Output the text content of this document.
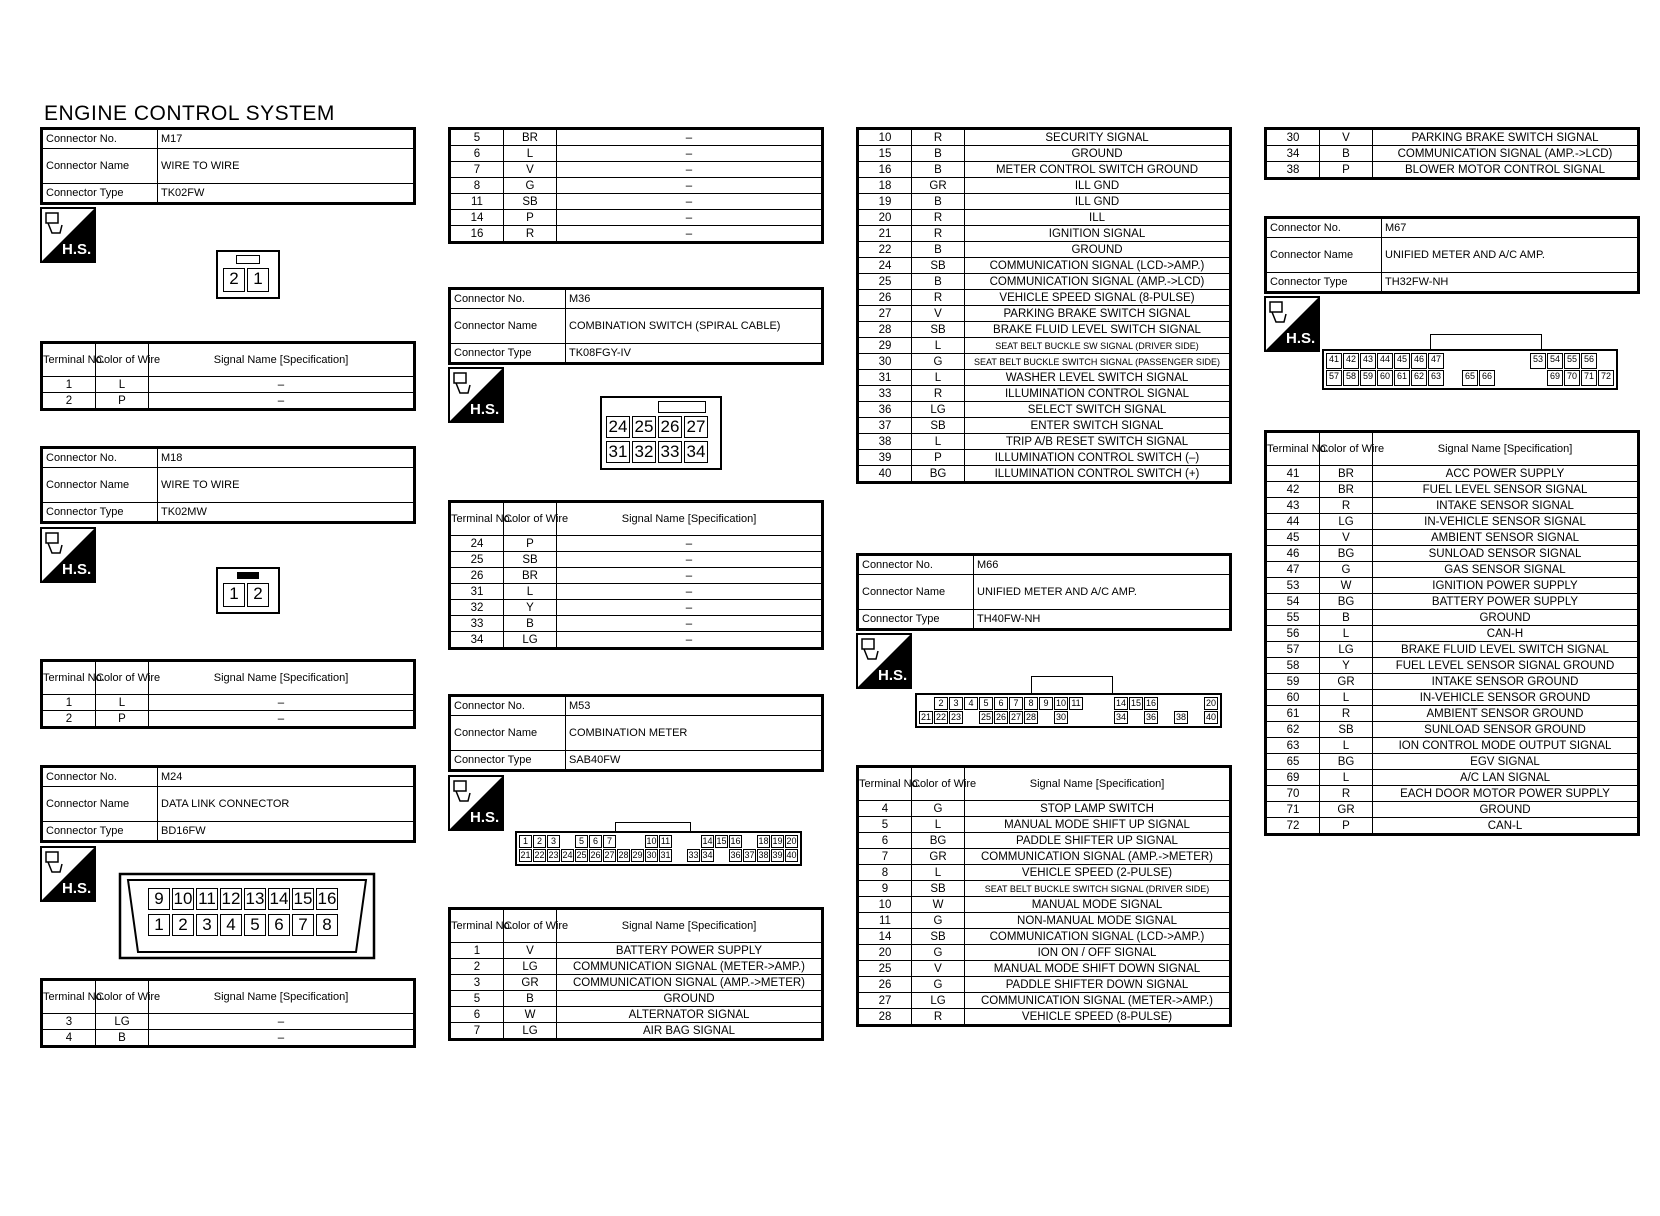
ENGINE CONTROL SYSTEM
Connector No.	M17
Connector Name	WIRE TO WIRE
Connector Type	TK02FW
H.S.
2 1
Terminal No.	Color of Wire	Signal Name [Specification]
1	L	–
2	P	–
Connector No.	M18
Connector Name	WIRE TO WIRE
Connector Type	TK02MW
H.S.
1 2
Terminal No.	Color of Wire	Signal Name [Specification]
1	L	–
2	P	–
Connector No.	M24
Connector Name	DATA LINK CONNECTOR
Connector Type	BD16FW
H.S.
9 10 11 12 13 14 15 16
1 2 3 4 5 6 7 8
Terminal No.	Color of Wire	Signal Name [Specification]
3	LG	–
4	B	–
5	BR	–
6	L	–
7	V	–
8	G	–
11	SB	–
14	P	–
16	R	–
Connector No.	M36
Connector Name	COMBINATION SWITCH (SPIRAL CABLE)
Connector Type	TK08FGY-IV
H.S.
24 25 26 27
31 32 33 34
Terminal No.	Color of Wire	Signal Name [Specification]
24	P	–
25	SB	–
26	BR	–
31	L	–
32	Y	–
33	B	–
34	LG	–
Connector No.	M53
Connector Name	COMBINATION METER
Connector Type	SAB40FW
H.S.
1 2 3	5 6 7	10 11	14 15 16 18 19 20
21 22 23 24 25 26 27 28 29 30 31 33 34 36 37 38 39 40
Terminal No.	Color of Wire	Signal Name [Specification]
1	V	BATTERY POWER SUPPLY
2	LG	COMMUNICATION SIGNAL (METER->AMP.)
3	GR	COMMUNICATION SIGNAL (AMP.->METER)
5	B	GROUND
6	W	ALTERNATOR SIGNAL
7	LG	AIR BAG SIGNAL
10	R	SECURITY SIGNAL
15	B	GROUND
16	B	METER CONTROL SWITCH GROUND
18	GR	ILL GND
19	B	ILL GND
20	R	ILL
21	R	IGNITION SIGNAL
22	B	GROUND
24	SB	COMMUNICATION SIGNAL (LCD->AMP.)
25	B	COMMUNICATION SIGNAL (AMP.->LCD)
26	R	VEHICLE SPEED SIGNAL (8-PULSE)
27	V	PARKING BRAKE SWITCH SIGNAL
28	SB	BRAKE FLUID LEVEL SWITCH SIGNAL
29	L	SEAT BELT BUCKLE SW SIGNAL (DRIVER SIDE)
30	G	SEAT BELT BUCKLE SWITCH SIGNAL (PASSENGER SIDE)
31	L	WASHER LEVEL SWITCH SIGNAL
33	R	ILLUMINATION CONTROL SIGNAL
36	LG	SELECT SWITCH SIGNAL
37	SB	ENTER SWITCH SIGNAL
38	L	TRIP A/B RESET SWITCH SIGNAL
39	P	ILLUMINATION CONTROL SWITCH (–)
40	BG	ILLUMINATION CONTROL SWITCH (+)
Connector No.	M66
Connector Name	UNIFIED METER AND A/C AMP.
Connector Type	TH40FW-NH
H.S.
2	3	4	5	6	7	8	9 10 11	14 15 16	20
21 22 23 25 26 27 28 30	34 36 38 40
Terminal No.	Color of Wire	Signal Name [Specification]
4	G	STOP LAMP SWITCH
5	L	MANUAL MODE SHIFT UP SIGNAL
6	BG	PADDLE SHIFTER UP SIGNAL
7	GR	COMMUNICATION SIGNAL (AMP.->METER)
8	L	VEHICLE SPEED (2-PULSE)
9	SB	SEAT BELT BUCKLE SWITCH SIGNAL (DRIVER SIDE)
10	W	MANUAL MODE SIGNAL
11	G	NON-MANUAL MODE SIGNAL
14	SB	COMMUNICATION SIGNAL (LCD->AMP.)
20	G	ION ON / OFF SIGNAL
25	V	MANUAL MODE SHIFT DOWN SIGNAL
26	G	PADDLE SHIFTER DOWN SIGNAL
27	LG	COMMUNICATION SIGNAL (METER->AMP.)
28	R	VEHICLE SPEED (8-PULSE)
30	V	PARKING BRAKE SWITCH SIGNAL
34	B	COMMUNICATION SIGNAL (AMP.->LCD)
38	P	BLOWER MOTOR CONTROL SIGNAL
Connector No.	M67
Connector Name	UNIFIED METER AND A/C AMP.
Connector Type	TH32FW-NH
H.S.
41 42 43 44 45 46 47	53 54 55 56
57 58 59 60 61 62 63	65 66	69 70 71 72
Terminal No.	Color of Wire	Signal Name [Specification]
41	BR	ACC POWER SUPPLY
42	BR	FUEL LEVEL SENSOR SIGNAL
43	R	INTAKE SENSOR SIGNAL
44	LG	IN-VEHICLE SENSOR SIGNAL
45	V	AMBIENT SENSOR SIGNAL
46	BG	SUNLOAD SENSOR SIGNAL
47	G	GAS SENSOR SIGNAL
53	W	IGNITION POWER SUPPLY
54	BG	BATTERY POWER SUPPLY
55	B	GROUND
56	L	CAN-H
57	LG	BRAKE FLUID LEVEL SWITCH SIGNAL
58	Y	FUEL LEVEL SENSOR SIGNAL GROUND
59	GR	INTAKE SENSOR GROUND
60	L	IN-VEHICLE SENSOR GROUND
61	R	AMBIENT SENSOR GROUND
62	SB	SUNLOAD SENSOR GROUND
63	L	ION CONTROL MODE OUTPUT SIGNAL
65	BG	EGV SIGNAL
69	L	A/C LAN SIGNAL
70	R	EACH DOOR MOTOR POWER SUPPLY
71	GR	GROUND
72	P	CAN-L
